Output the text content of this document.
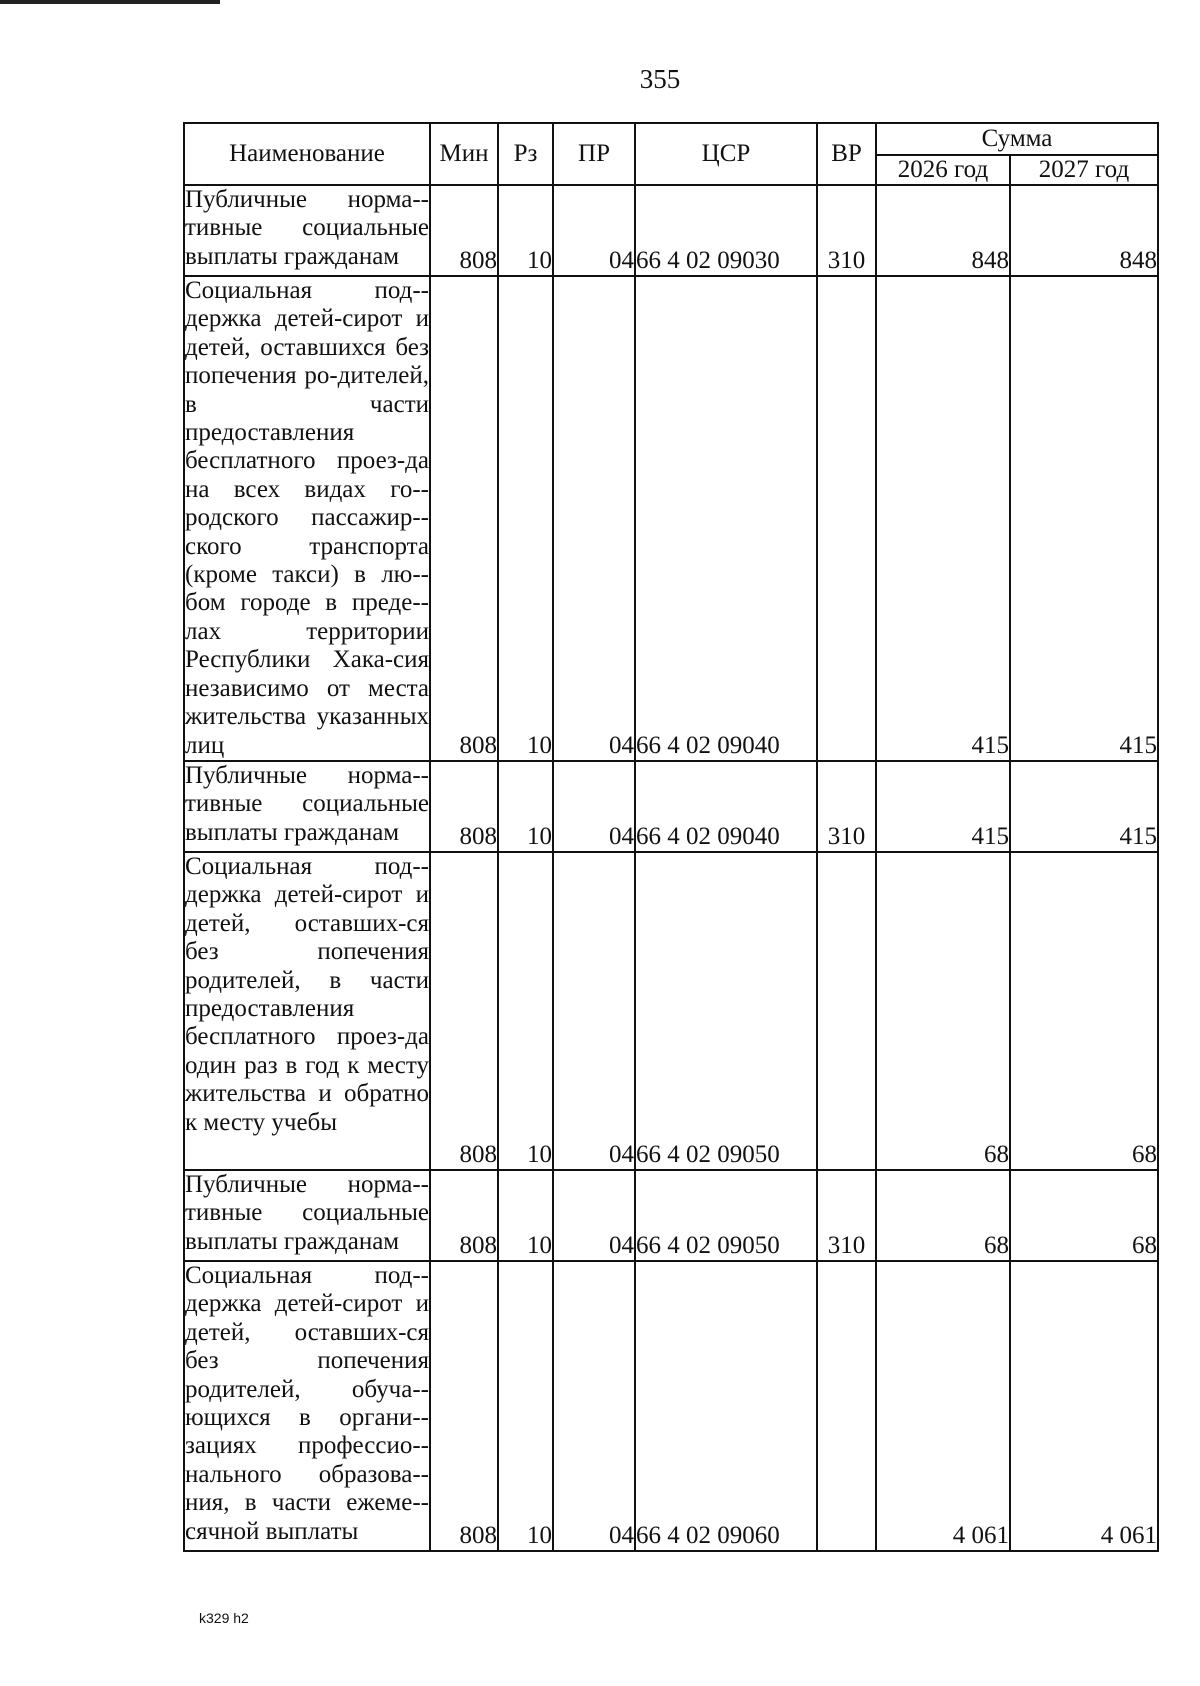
355
Наименование	Мин	Рз	ПР	ЦСР	ВР	Сумма	
						2026 год	2027 год
Публичные норма-тивные социальные выплаты гражданам	808	10	04	66 4 02 09030	310	848	848
Социальная под-держка детей-сирот и детей, оставшихся без попечения ро-дителей, в части предоставления бесплатного проез-да на всех видах го-родского пассажир-ского транспорта (кроме такси) в лю-бом городе в преде-лах территории Республики Хака-сия независимо от места жительства указанных лиц	808	10	04	66 4 02 09040		415	415
Публичные норма-тивные социальные выплаты гражданам	808	10	04	66 4 02 09040	310	415	415
Социальная под-держка детей-сирот и детей, оставших-ся без попечения родителей, в части предоставления бесплатного проез-да один раз в год к месту жительства и обратно к месту учебы	808	10	04	66 4 02 09050		68	68
Публичные норма-тивные социальные выплаты гражданам	808	10	04	66 4 02 09050	310	68	68
Социальная под-держка детей-сирот и детей, оставших-ся без попечения родителей, обуча-ющихся в органи-зациях профессио-нального образова-ния, в части ежеме-сячной выплаты	808	10	04	66 4 02 09060		4 061	4 061
k329 h2
